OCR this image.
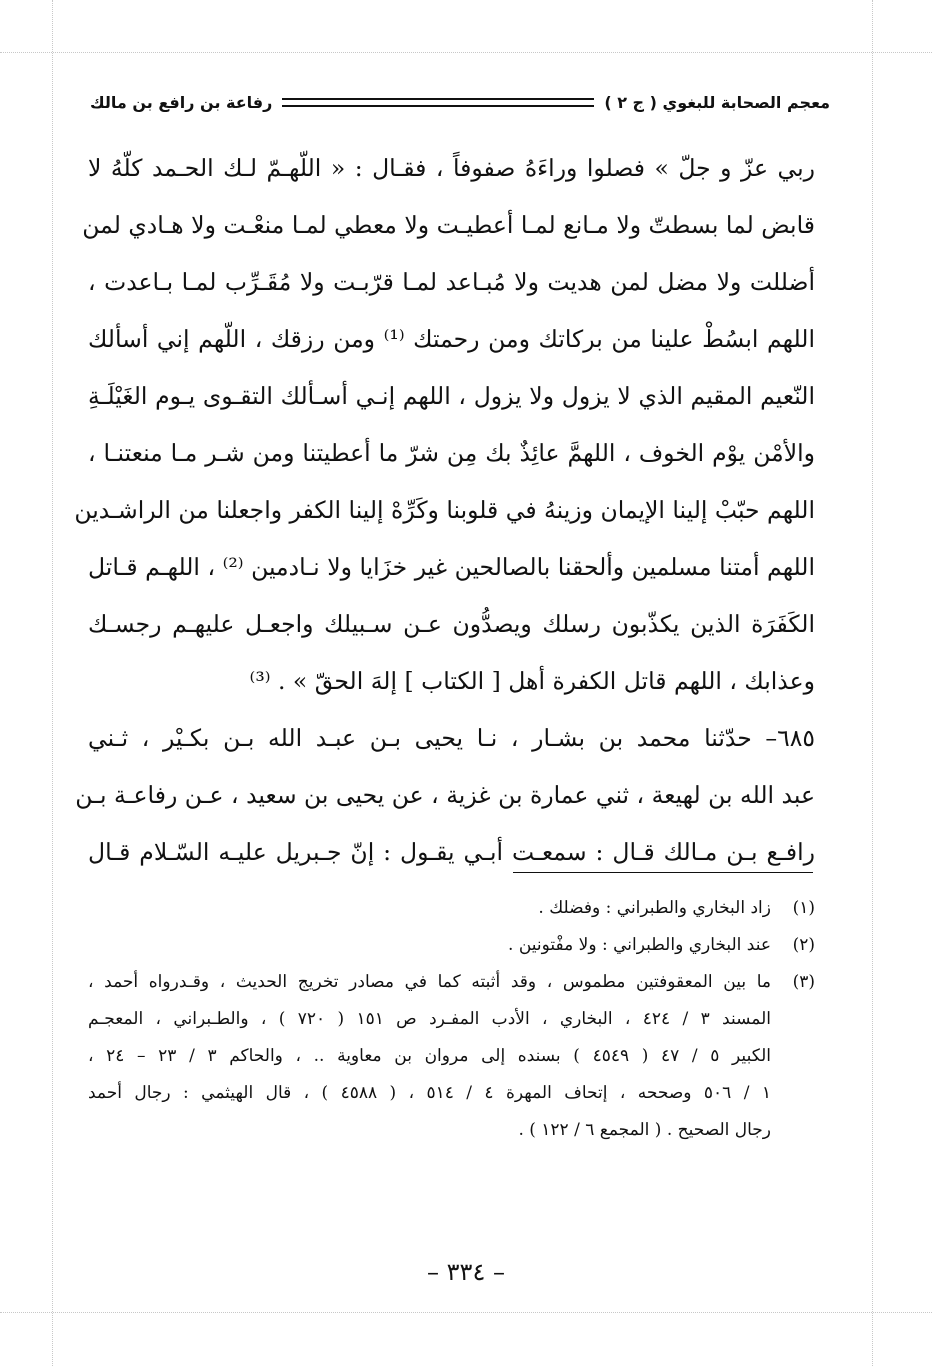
معجم الصحابة للبغوي ( ج ٢ )
رفاعة بن رافع بن مالك
ربي عزّ و جلّ » فصلوا وراءَهُ صفوفاً ، فقـال : « اللّهـمّ لـك الحـمد كلّهُ لا
قابض لما بسطتّ ولا مـانع لمـا أعطيـت ولا معطي لمـا منعْـت ولا هـادي لمن
أضللت ولا مضل لمن هديت ولا مُبـاعد لمـا قرّبـت ولا مُقَـرِّب لمـا بـاعدت ،
اللهم ابسُطْ علينا من بركاتك ومن رحمتك ⁽¹⁾ ومن رزقك ، اللّهم إني أسألك
النّعيم المقيم الذي لا يزول ولا يزول ، اللهم إنـي أسـألك التقـوى يـوم الغَيْلَـةِ
والأمْن يوْم الخوف ، اللهمَّ عائِذٌ بك مِن شرّ ما أعطيتنا ومن شـر مـا منعتنـا ،
اللهم حبّبْ إلينا الإيمان وزينهُ في قلوبنا وكَرِّهْ إلينا الكفر واجعلنا من الراشـدين
اللهم أمتنا مسلمين وألحقنا بالصالحين غير خزَايا ولا نـادمين ⁽²⁾ ، اللهـم قـاتل
الكَفَرَة الذين يكذّبون رسلك ويصدُّون عـن سـبيلك واجعـل عليهـم رجسـك
وعذابك ، اللهم قاتل الكفرة أهل [ الكتاب ] إلهَ الحقّ » . ⁽³⁾
٦٨٥– حدّثنا محمد بن بشـار ، نـا يحيى بـن عبـد الله بـن بكـيْر ، ثـني
عبد الله بن لهيعة ، ثني عمارة بن غزية ، عن يحيى بن سعيد ، عـن رفاعـة بـن
رافـع بـن مـالك قـال : سمعـت أبـي يقـول : إنّ جـبريل عليـه السّـلام قـال
(١)
زاد البخاري والطبراني : وفضلك .
(٢)
عند البخاري والطبراني : ولا مفْتونين .
(٣)
ما بين المعقوفتين مطموس ، وقد أثبته كما في مصادر تخريج الحديث ، وقـدرواه أحمد ،
المسند ٣ / ٤٢٤ ، البخاري ، الأدب المفـرد ص ١٥١ ( ٧٢٠ ) ، والطـبراني ، المعجـم
الكبير ٥ / ٤٧ ( ٤٥٤٩ ) بسنده إلى مروان بن معاوية .. ، والحاكم ٣ / ٢٣ – ٢٤ ،
١ / ٥٠٦ وصححه ، إتحاف المهرة ٤ / ٥١٤ ، ( ٤٥٨٨ ) ، قال الهيثمي : رجال أحمد
رجال الصحيح . ( المجمع ٦ / ١٢٢ ) .
– ٣٣٤ –
